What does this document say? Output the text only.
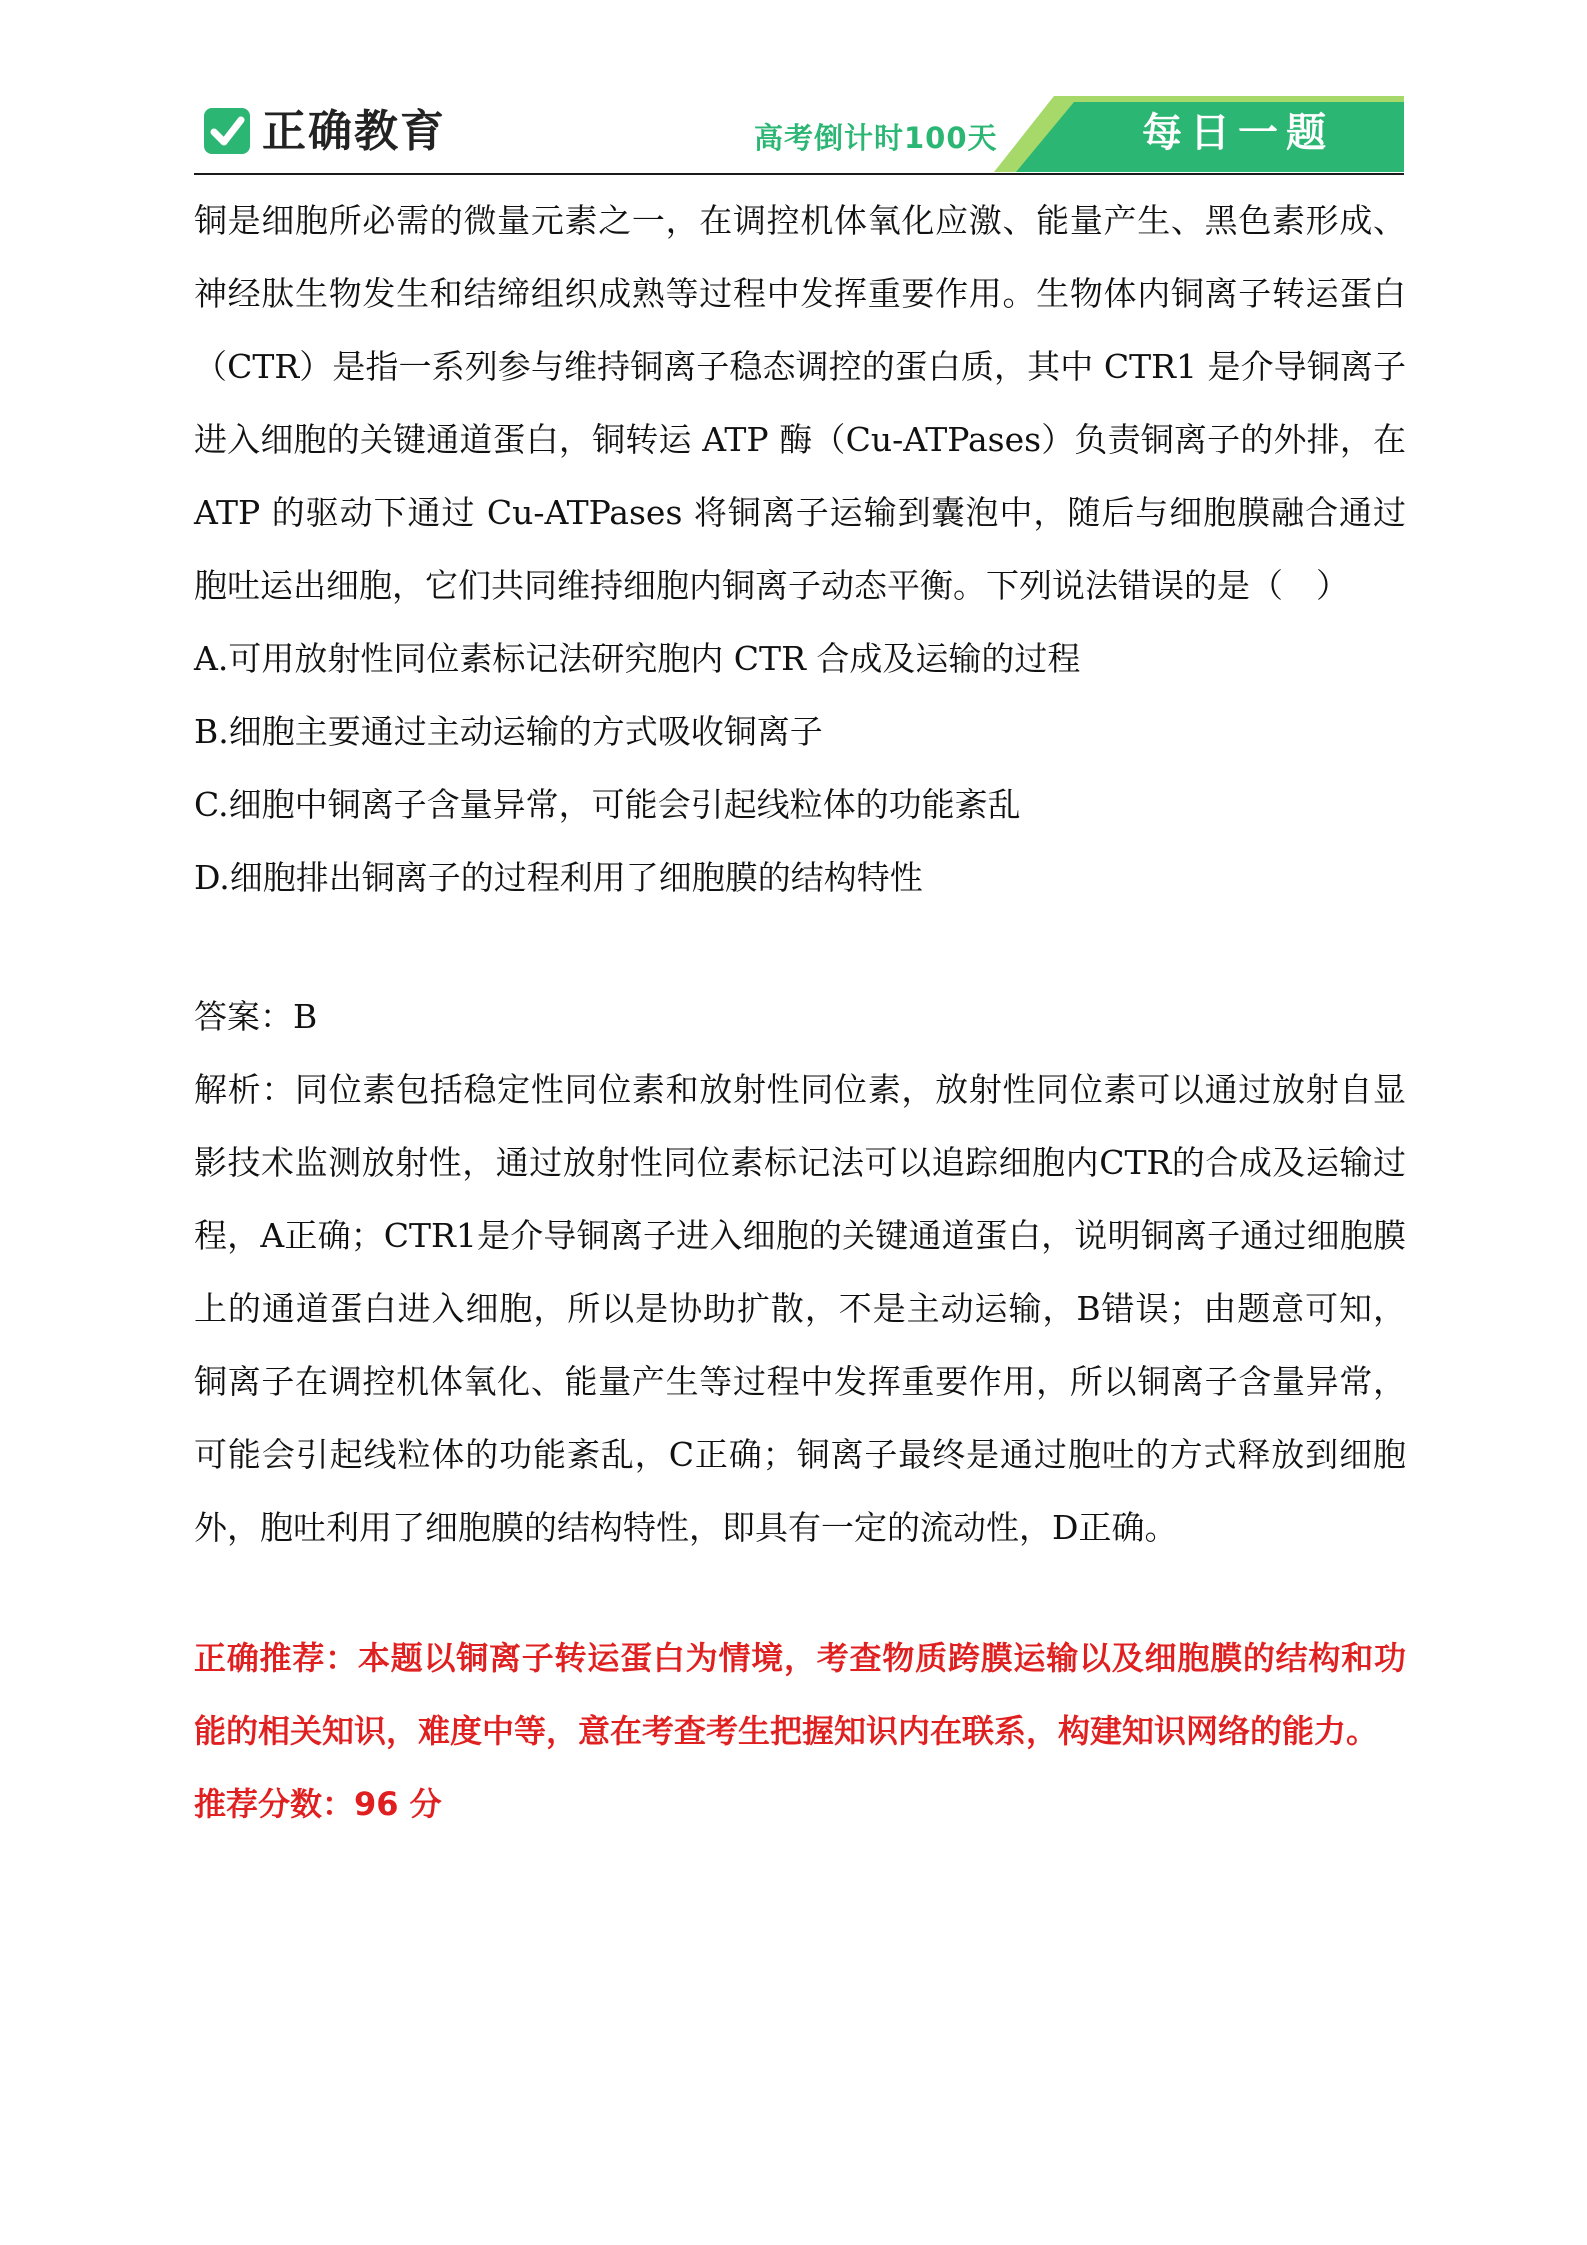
正确教育	高考倒计时100天	每日一题

铜是细胞所必需的微量元素之一，在调控机体氧化应激、能量产生、黑色素形成、神经肽生物发生和结缔组织成熟等过程中发挥重要作用。生物体内铜离子转运蛋白（CTR）是指一系列参与维持铜离子稳态调控的蛋白质，其中 CTR1 是介导铜离子进入细胞的关键通道蛋白，铜转运 ATP 酶（Cu-ATPases）负责铜离子的外排，在 ATP 的驱动下通过 Cu-ATPases 将铜离子运输到囊泡中，随后与细胞膜融合通过胞吐运出细胞，它们共同维持细胞内铜离子动态平衡。下列说法错误的是（　）

A.可用放射性同位素标记法研究胞内 CTR 合成及运输的过程

B.细胞主要通过主动运输的方式吸收铜离子

C.细胞中铜离子含量异常，可能会引起线粒体的功能紊乱

D.细胞排出铜离子的过程利用了细胞膜的结构特性

答案：B

解析：同位素包括稳定性同位素和放射性同位素，放射性同位素可以通过放射自显影技术监测放射性，通过放射性同位素标记法可以追踪细胞内CTR的合成及运输过程，A正确；CTR1是介导铜离子进入细胞的关键通道蛋白，说明铜离子通过细胞膜上的通道蛋白进入细胞，所以是协助扩散，不是主动运输，B错误；由题意可知，铜离子在调控机体氧化、能量产生等过程中发挥重要作用，所以铜离子含量异常，可能会引起线粒体的功能紊乱，C正确；铜离子最终是通过胞吐的方式释放到细胞外，胞吐利用了细胞膜的结构特性，即具有一定的流动性，D正确。

正确推荐：本题以铜离子转运蛋白为情境，考查物质跨膜运输以及细胞膜的结构和功能的相关知识，难度中等，意在考查考生把握知识内在联系，构建知识网络的能力。

推荐分数：96 分
